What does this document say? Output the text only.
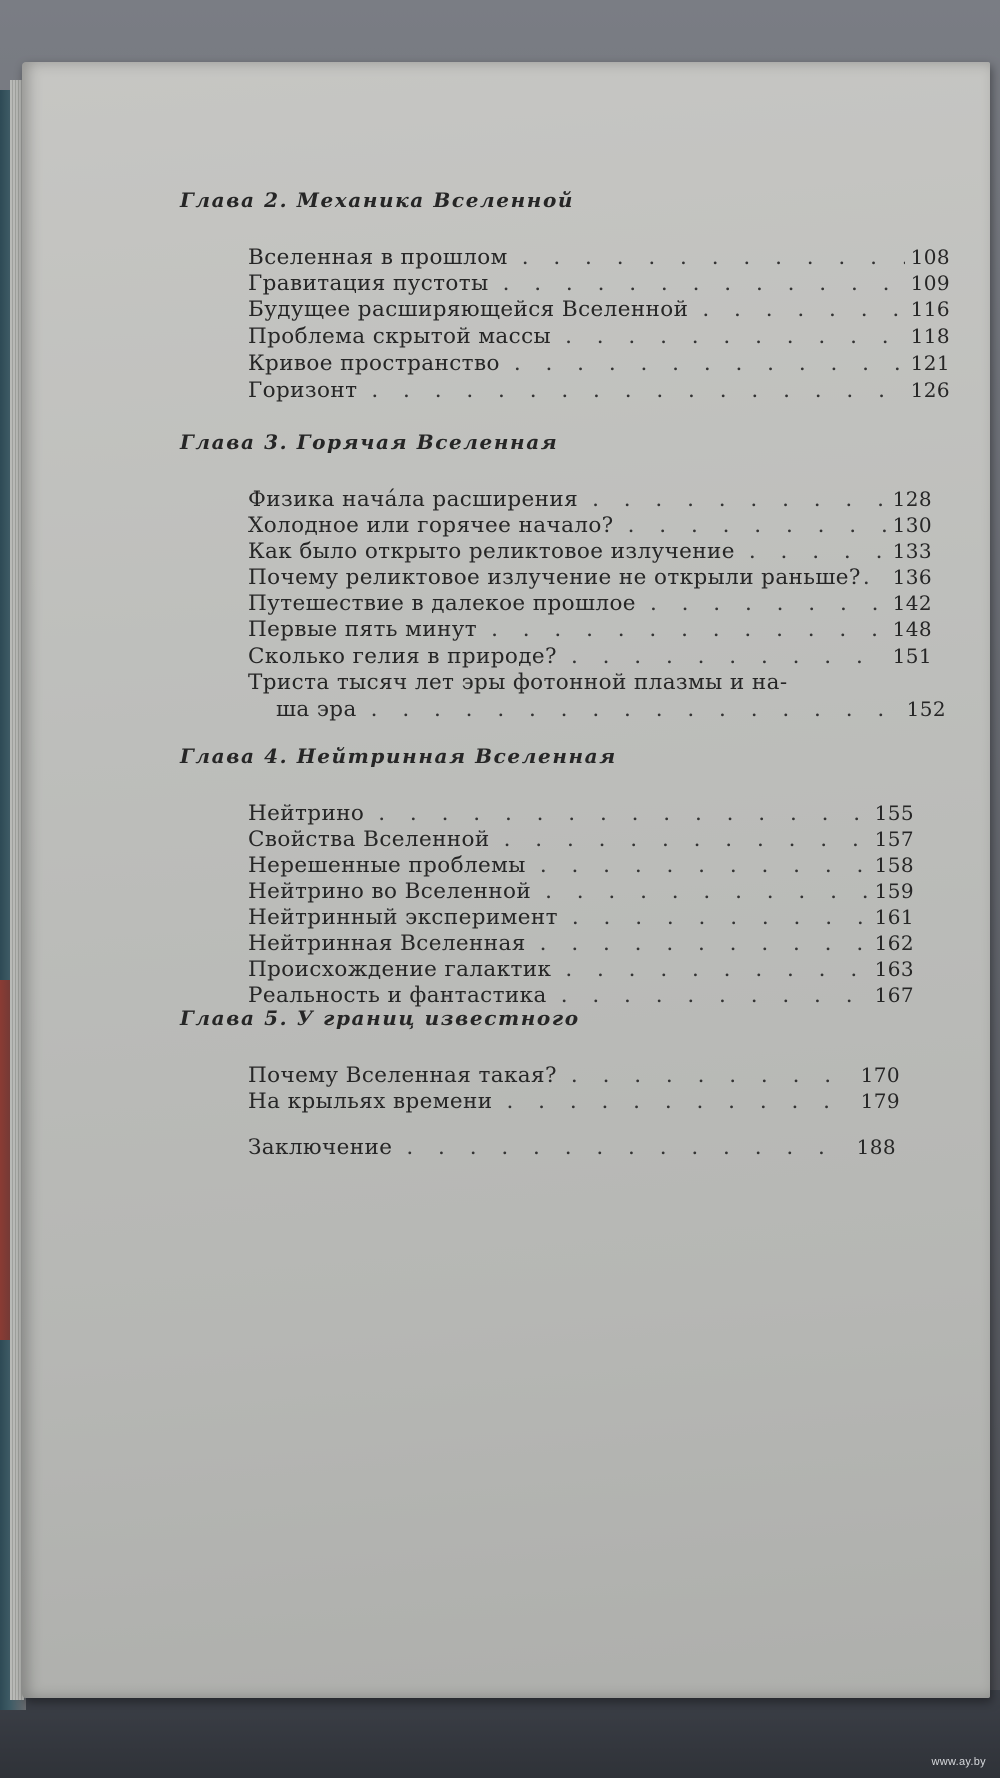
Глава 2. Механика Вселенной
Вселенная в прошлом . . .	108
Гравитация пустоты . . .	109
Будущее расширяющейся Вселенной . . .	116
Проблема скрытой массы . . .	118
Кривое пространство . . .	121
Горизонт . . .	126
Глава 3. Горячая Вселенная
Физика нача́ла расширения . . .	128
Холодное или горячее начало? . . .	130
Как было открыто реликтовое излучение . . .	133
Почему реликтовое излучение не открыли раньше? . . . 136
Путешествие в далекое прошлое . . .	142
Первые пять минут . . .	148
Сколько гелия в природе? . . .	151
Триста тысяч лет эры фотонной плазмы и на-
ша эра . . .	152
Глава 4. Нейтринная Вселенная
Нейтрино . . .	155
Свойства Вселенной . . .	157
Нерешенные проблемы . . .	158
Нейтрино во Вселенной . . .	159
Нейтринный эксперимент . . .	161
Нейтринная Вселенная . . .	162
Происхождение галактик . . .	163
Реальность и фантастика . . .	167
Глава 5. У границ известного
Почему Вселенная такая? . . .	170
На крыльях времени . . .	179
Заключение . . .	188
www.ay.by
